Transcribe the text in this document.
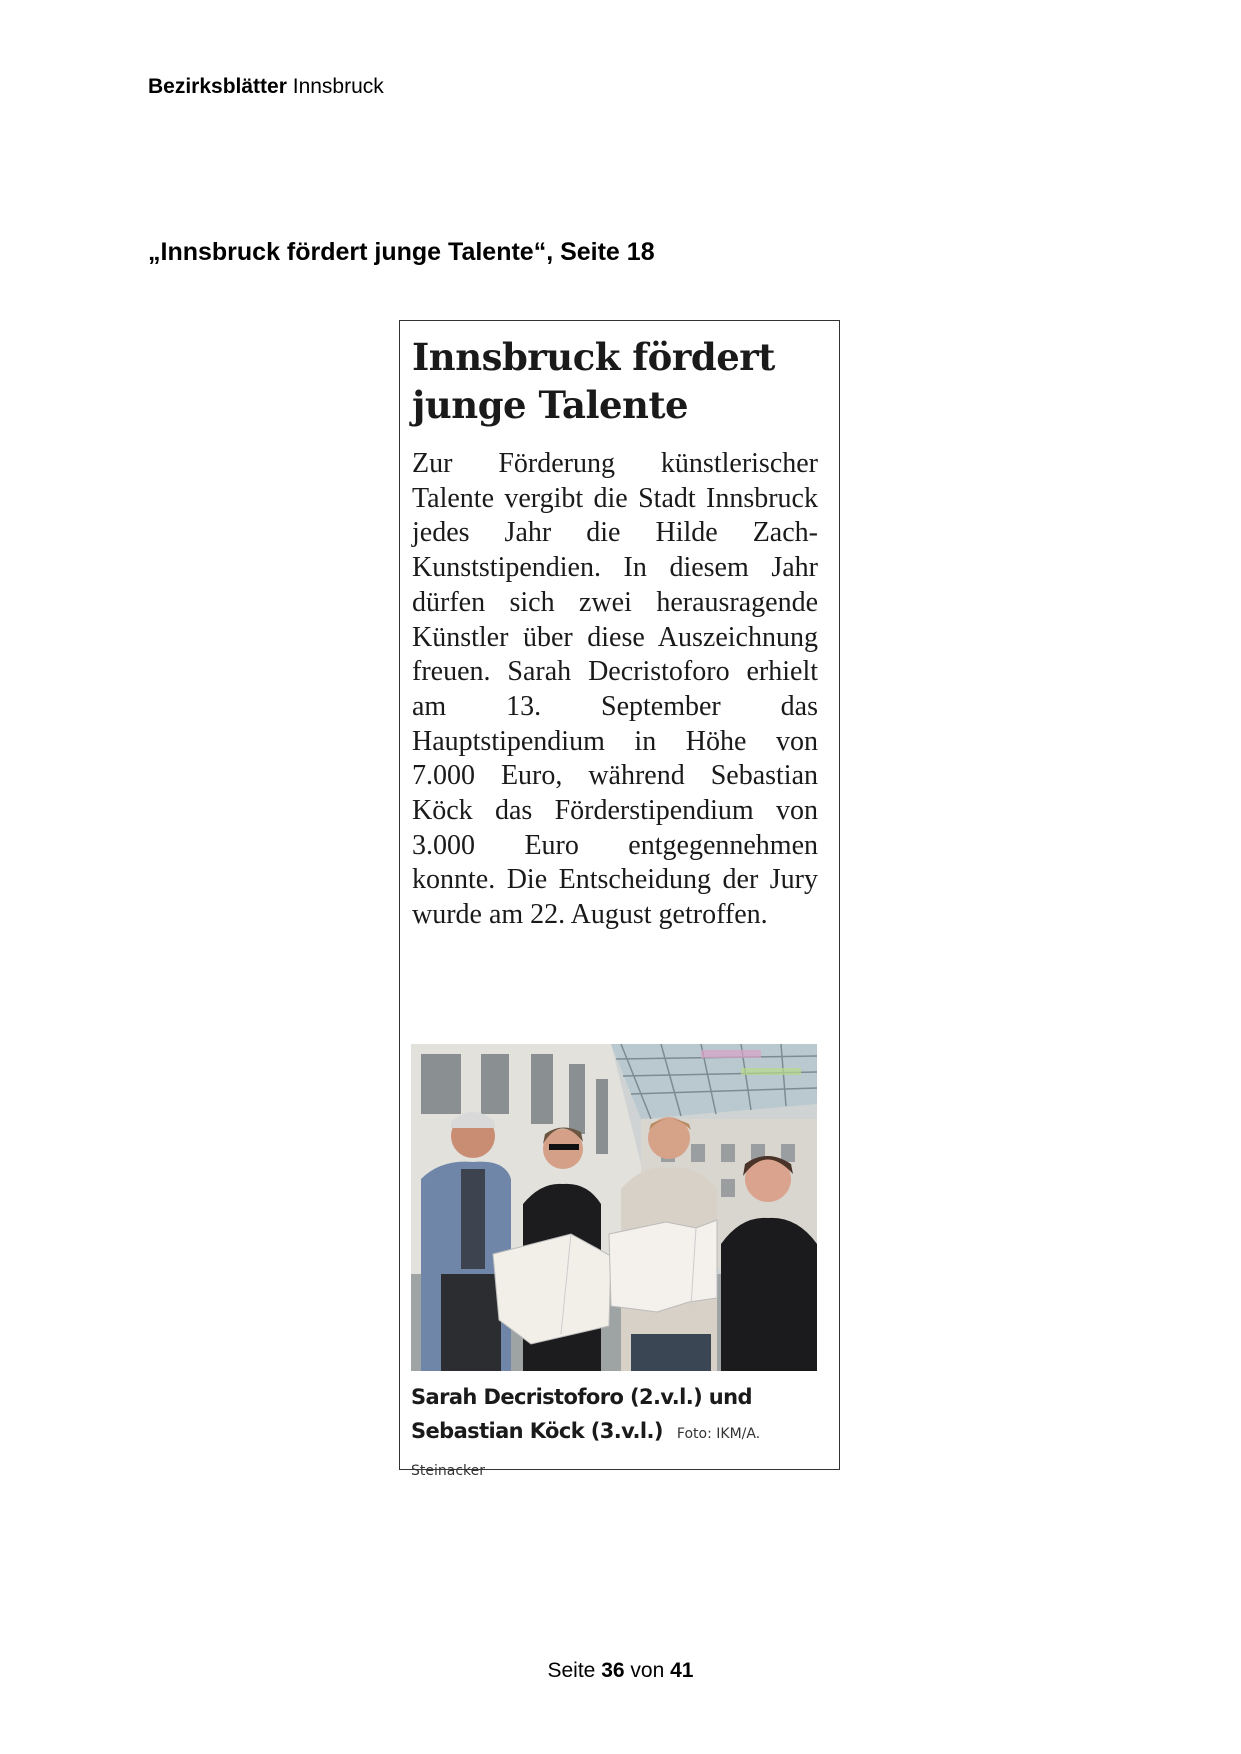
Bezirksblätter Innsbruck
„Innsbruck fördert junge Talente“, Seite 18
Innsbruck fördert
junge Talente

Zur Förderung künstlerischer Talente vergibt die Stadt Innsbruck jedes Jahr die Hilde Zach-Kunststipendien. In diesem Jahr dürfen sich zwei herausragende Künstler über diese Auszeichnung freuen. Sarah Decristoforo erhielt am 13. September das Hauptstipendium in Höhe von 7.000 Euro, während Sebastian Köck das Förderstipendium von 3.000 Euro entgegennehmen konnte. Die Entscheidung der Jury wurde am 22. August getroffen.

Sarah Decristoforo (2.v.l.) und Sebastian Köck (3.v.l.) Foto: IKM/A. Steinacker
Seite 36 von 41
